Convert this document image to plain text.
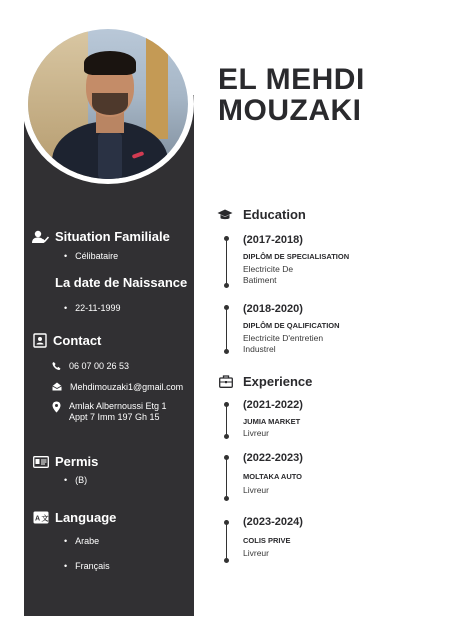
EL MEHDI
MOUZAKI
Situation Familiale
• Célibataire
La date de Naissance
• 22-11-1999
Contact
06 07 00 26 53
Mehdimouzaki1@gmail.com
Amlak Albernoussi Etg 1
Appt 7 Imm 197 Gh 15
Permis
• (B)
A 文 Language
• Arabe
• Français
Education
(2017-2018)
DIPLÔM DE SPECIALISATION
Electricite De
Batiment
(2018-2020)
DIPLÔM DE QALIFICATION
Electricite D'entretien
Industrel
Experience
(2021-2022)
JUMIA MARKET
Livreur
(2022-2023)
MOLTAKA AUTO
Livreur
(2023-2024)
COLIS PRIVE
Livreur
